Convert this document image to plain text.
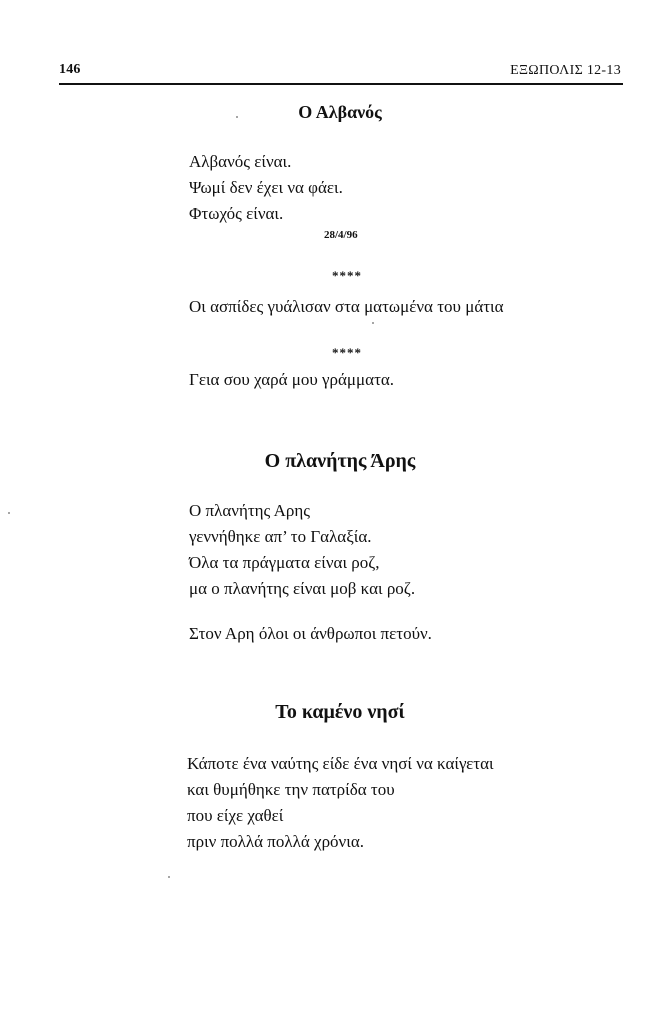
146	ΕΞΩΠΟΛΙΣ 12-13
Ο Αλβανός
Αλβανός είναι.
Ψωμί δεν έχει να φάει.
Φτωχός είναι.
28/4/96
****
Οι ασπίδες γυάλισαν στα ματωμένα του μάτια
****
Γεια σου χαρά μου γράμματα.
Ο πλανήτης Άρης
Ο πλανήτης Αρης
γεννήθηκε απ’ το Γαλαξία.
Όλα τα πράγματα είναι ροζ,
μα ο πλανήτης είναι μοβ και ροζ.
Στον Αρη όλοι οι άνθρωποι πετούν.
Το καμένο νησί
Κάποτε ένα ναύτης είδε ένα νησί να καίγεται
και θυμήθηκε την πατρίδα του
που είχε χαθεί
πριν πολλά πολλά χρόνια.
